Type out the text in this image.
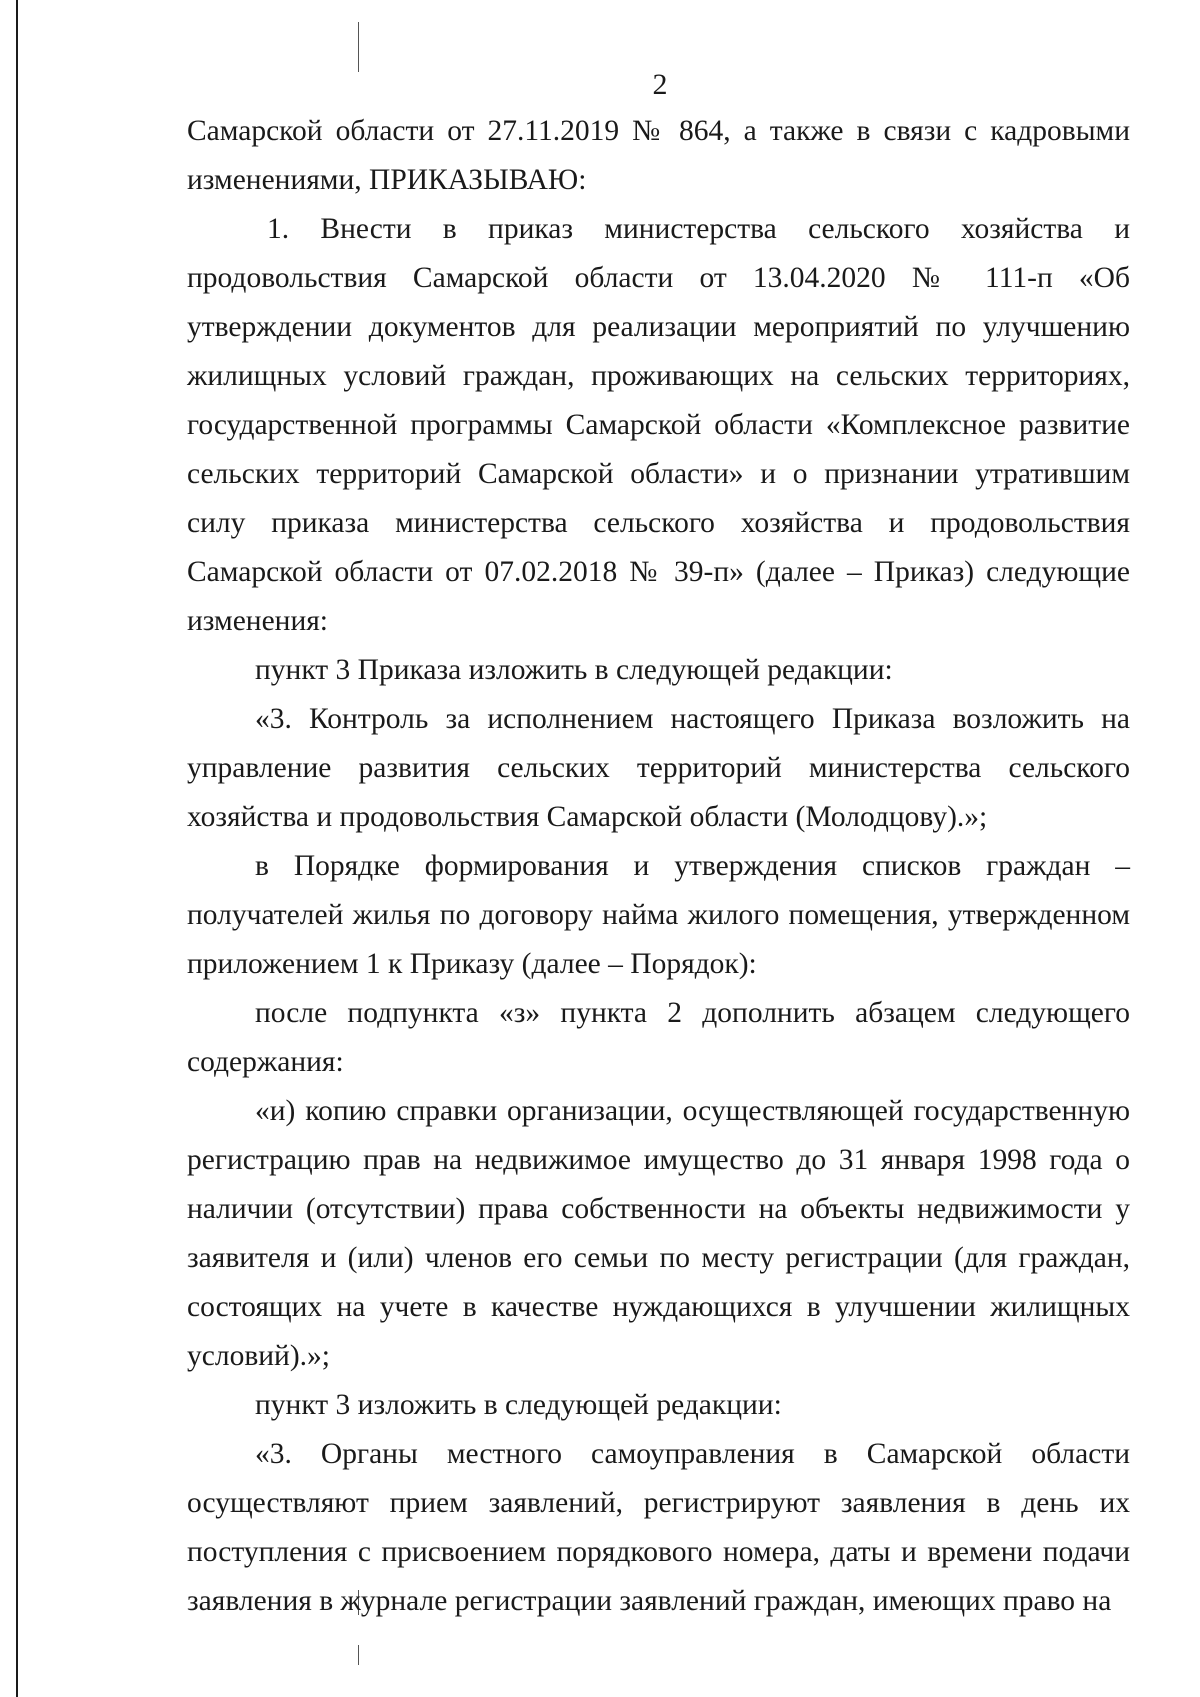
2

Самарской области от 27.11.2019 № 864, а также в связи с кадровыми изменениями, ПРИКАЗЫВАЮ:

1. Внести в приказ министерства сельского хозяйства и продовольствия Самарской области от 13.04.2020 № 111-п «Об утверждении документов для реализации мероприятий по улучшению жилищных условий граждан, проживающих на сельских территориях, государственной программы Самарской области «Комплексное развитие сельских территорий Самарской области» и о признании утратившим силу приказа министерства сельского хозяйства и продовольствия Самарской области от 07.02.2018 № 39-п» (далее – Приказ) следующие изменения:

пункт 3 Приказа изложить в следующей редакции:

«3. Контроль за исполнением настоящего Приказа возложить на управление развития сельских территорий министерства сельского хозяйства и продовольствия Самарской области (Молодцову).»;

в Порядке формирования и утверждения списков граждан – получателей жилья по договору найма жилого помещения, утвержденном приложением 1 к Приказу (далее – Порядок):

после подпункта «з» пункта 2 дополнить абзацем следующего содержания:

«и) копию справки организации, осуществляющей государственную регистрацию прав на недвижимое имущество до 31 января 1998 года о наличии (отсутствии) права собственности на объекты недвижимости у заявителя и (или) членов его семьи по месту регистрации (для граждан, состоящих на учете в качестве нуждающихся в улучшении жилищных условий).»;

пункт 3 изложить в следующей редакции:

«3. Органы местного самоуправления в Самарской области осуществляют прием заявлений, регистрируют заявления в день их поступления с присвоением порядкового номера, даты и времени подачи заявления в журнале регистрации заявлений граждан, имеющих право на
